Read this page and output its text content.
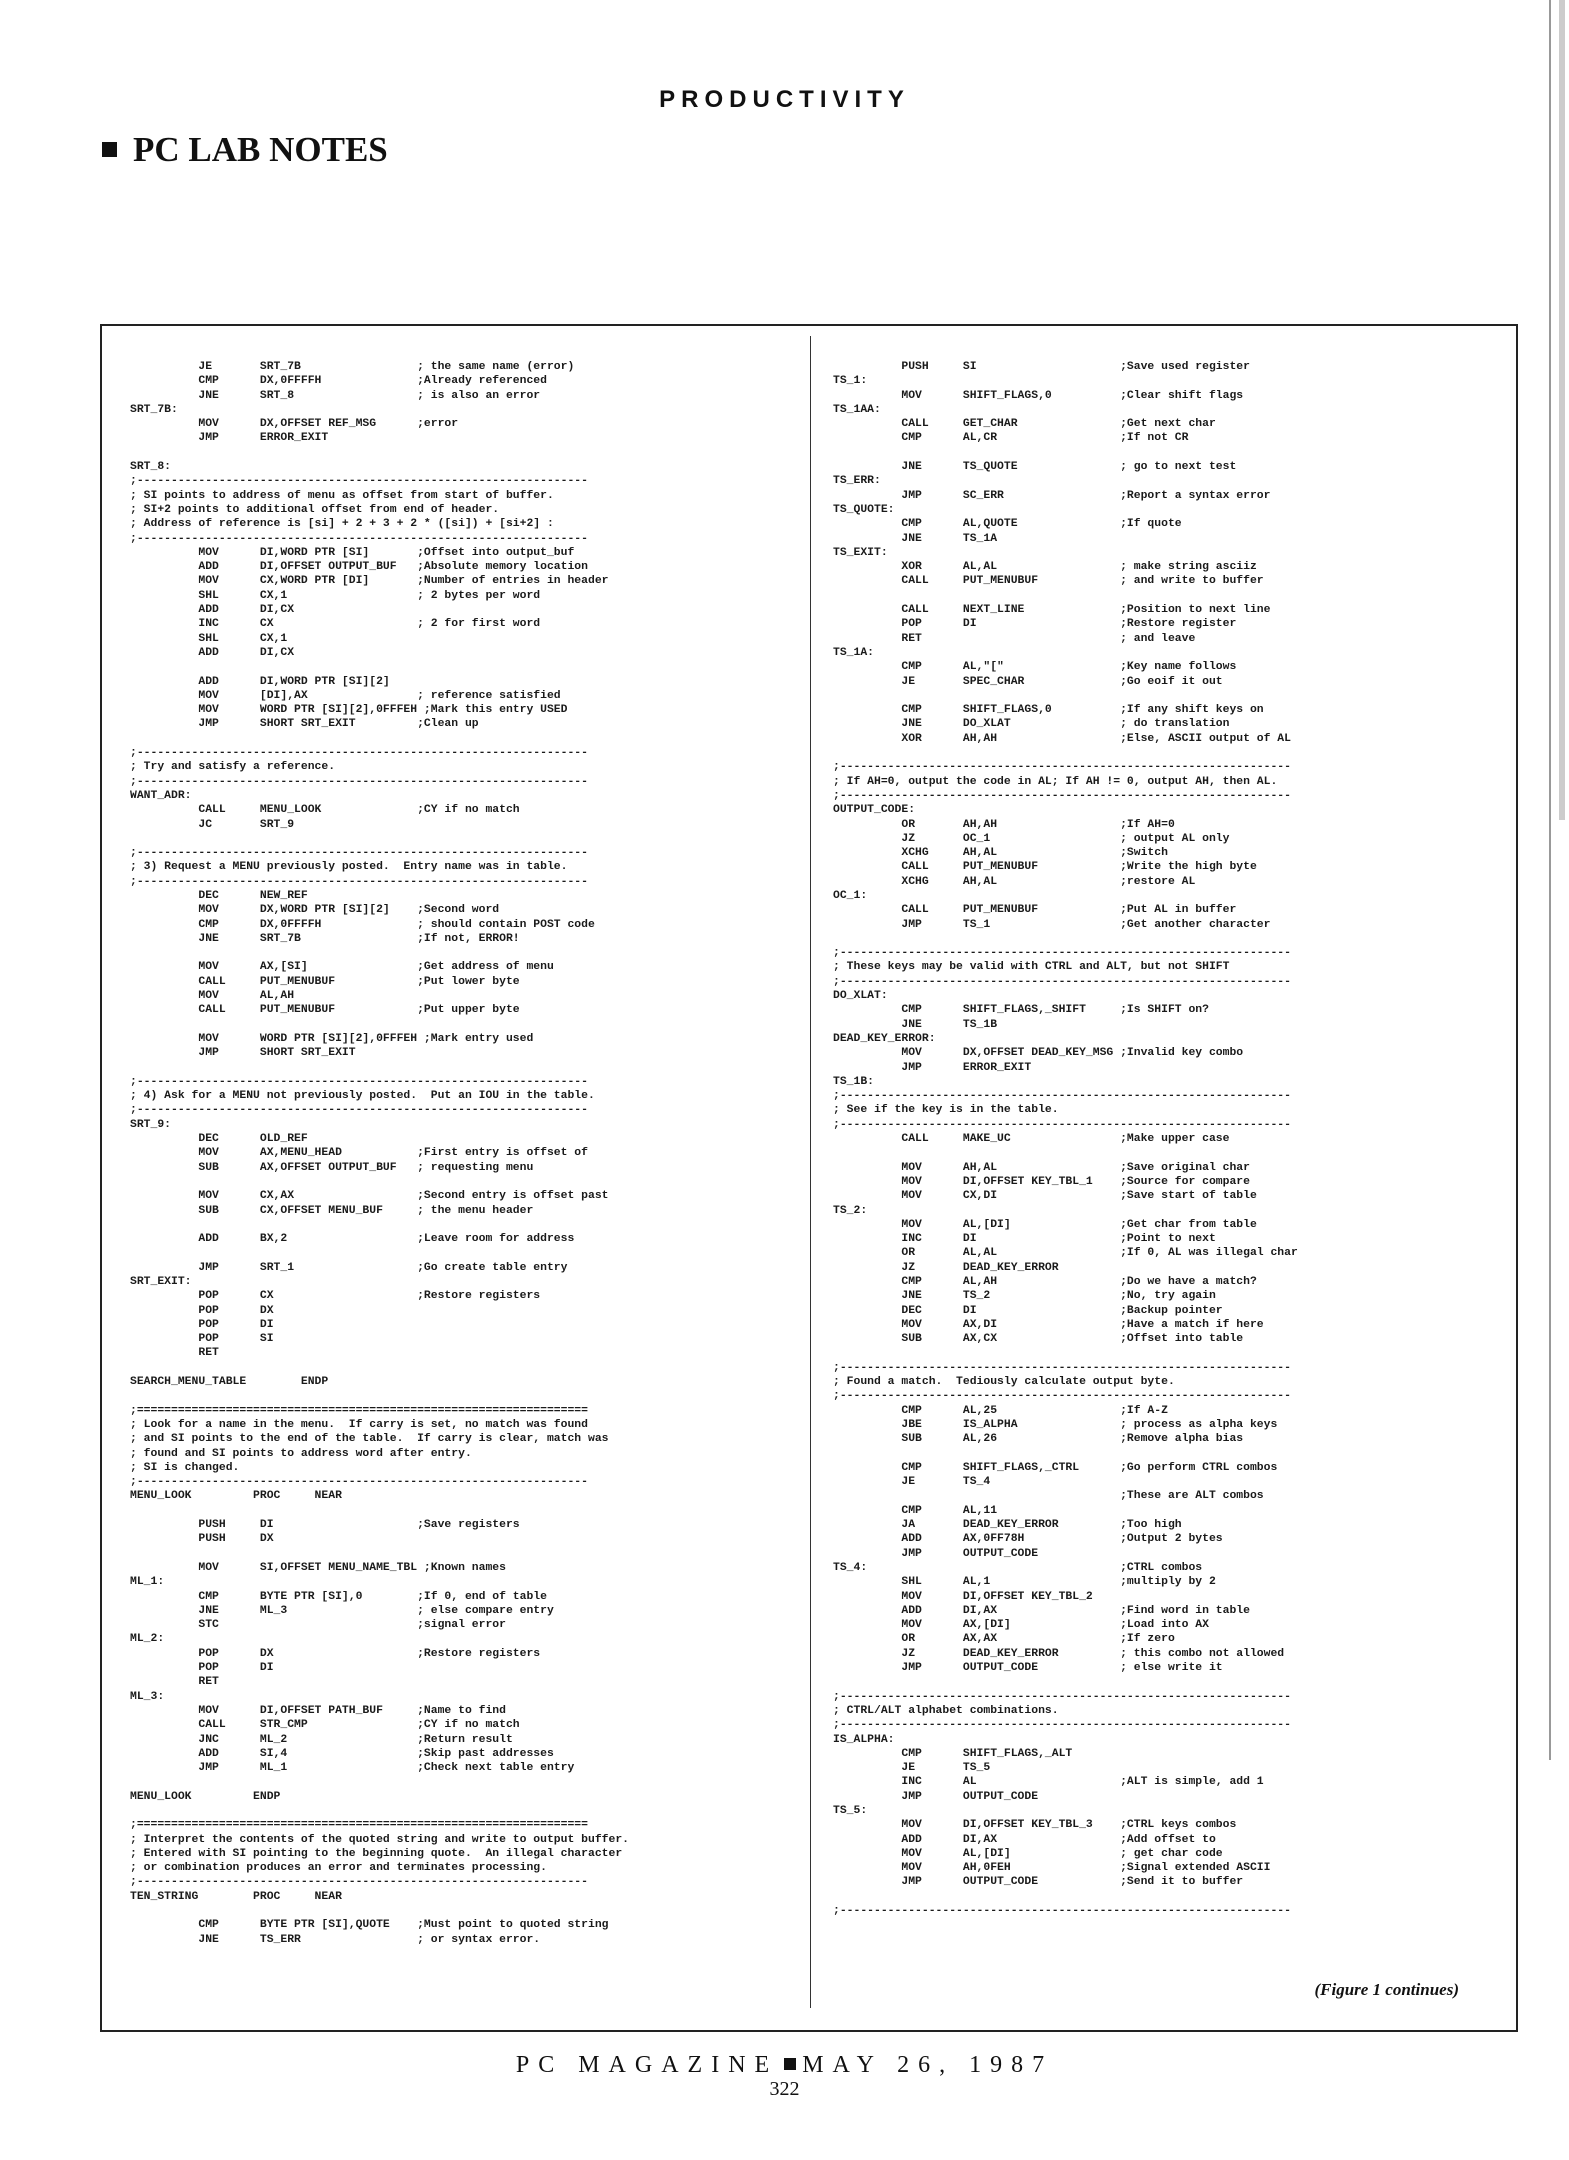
PRODUCTIVITY
PC LAB NOTES
JE       SRT_7B                 ; the same name (error)
CMP      DX,0FFFFH              ;Already referenced
JNE      SRT_8                  ; is also an error
SRT_7B:
MOV      DX,OFFSET REF_MSG      ;error
JMP      ERROR_EXIT
SRT_8:
;------------------------------------------------------------------
; SI points to address of menu as offset from start of buffer.
; SI+2 points to additional offset from end of header.
; Address of reference is [si] + 2 + 3 + 2 * ([si]) + [si+2] :
;------------------------------------------------------------------
MOV      DI,WORD PTR [SI]       ;Offset into output_buf
ADD      DI,OFFSET OUTPUT_BUF   ;Absolute memory location
MOV      CX,WORD PTR [DI]       ;Number of entries in header
SHL      CX,1                   ; 2 bytes per word
ADD      DI,CX
INC      CX                     ; 2 for first word
SHL      CX,1
ADD      DI,CX
ADD      DI,WORD PTR [SI][2]
MOV      [DI],AX                ; reference satisfied
MOV      WORD PTR [SI][2],0FFFEH ;Mark this entry USED
JMP      SHORT SRT_EXIT         ;Clean up
;------------------------------------------------------------------
; Try and satisfy a reference.
;------------------------------------------------------------------
WANT_ADR:
CALL     MENU_LOOK              ;CY if no match
JC       SRT_9
;------------------------------------------------------------------
; 3) Request a MENU previously posted.  Entry name was in table.
;------------------------------------------------------------------
DEC      NEW_REF
MOV      DX,WORD PTR [SI][2]    ;Second word
CMP      DX,0FFFFH              ; should contain POST code
JNE      SRT_7B                 ;If not, ERROR!
MOV      AX,[SI]                ;Get address of menu
CALL     PUT_MENUBUF            ;Put lower byte
MOV      AL,AH
CALL     PUT_MENUBUF            ;Put upper byte
MOV      WORD PTR [SI][2],0FFFEH ;Mark entry used
JMP      SHORT SRT_EXIT
;------------------------------------------------------------------
; 4) Ask for a MENU not previously posted.  Put an IOU in the table.
;------------------------------------------------------------------
SRT_9:
DEC      OLD_REF
MOV      AX,MENU_HEAD           ;First entry is offset of
SUB      AX,OFFSET OUTPUT_BUF   ; requesting menu
MOV      CX,AX                  ;Second entry is offset past
SUB      CX,OFFSET MENU_BUF     ; the menu header
ADD      BX,2                   ;Leave room for address
JMP      SRT_1                  ;Go create table entry
SRT_EXIT:
POP      CX                     ;Restore registers
POP      DX
POP      DI
POP      SI
RET
SEARCH_MENU_TABLE        ENDP
;==================================================================
; Look for a name in the menu.  If carry is set, no match was found
; and SI points to the end of the table.  If carry is clear, match was
; found and SI points to address word after entry.
; SI is changed.
;------------------------------------------------------------------
MENU_LOOK         PROC     NEAR
PUSH     DI                     ;Save registers
PUSH     DX
MOV      SI,OFFSET MENU_NAME_TBL ;Known names
ML_1:
CMP      BYTE PTR [SI],0        ;If 0, end of table
JNE      ML_3                   ; else compare entry
STC                             ;signal error
ML_2:
POP      DX                     ;Restore registers
POP      DI
RET
ML_3:
MOV      DI,OFFSET PATH_BUF     ;Name to find
CALL     STR_CMP                ;CY if no match
JNC      ML_2                   ;Return result
ADD      SI,4                   ;Skip past addresses
JMP      ML_1                   ;Check next table entry
MENU_LOOK         ENDP
;==================================================================
; Interpret the contents of the quoted string and write to output buffer.
; Entered with SI pointing to the beginning quote.  An illegal character
; or combination produces an error and terminates processing.
;------------------------------------------------------------------
TEN_STRING        PROC     NEAR
CMP      BYTE PTR [SI],QUOTE    ;Must point to quoted string
JNE      TS_ERR                 ; or syntax error.
PUSH     SI                     ;Save used register
TS_1:
MOV      SHIFT_FLAGS,0          ;Clear shift flags
TS_1AA:
CALL     GET_CHAR               ;Get next char
CMP      AL,CR                  ;If not CR
JNE      TS_QUOTE               ; go to next test
TS_ERR:
JMP      SC_ERR                 ;Report a syntax error
TS_QUOTE:
CMP      AL,QUOTE               ;If quote
JNE      TS_1A
TS_EXIT:
XOR      AL,AL                  ; make string asciiz
CALL     PUT_MENUBUF            ; and write to buffer
CALL     NEXT_LINE              ;Position to next line
POP      DI                     ;Restore register
RET                             ; and leave
TS_1A:
CMP      AL,"["                 ;Key name follows
JE       SPEC_CHAR              ;Go eoif it out
CMP      SHIFT_FLAGS,0          ;If any shift keys on
JNE      DO_XLAT                ; do translation
XOR      AH,AH                  ;Else, ASCII output of AL
;------------------------------------------------------------------
; If AH=0, output the code in AL; If AH != 0, output AH, then AL.
;------------------------------------------------------------------
OUTPUT_CODE:
OR       AH,AH                  ;If AH=0
JZ       OC_1                   ; output AL only
XCHG     AH,AL                  ;Switch
CALL     PUT_MENUBUF            ;Write the high byte
XCHG     AH,AL                  ;restore AL
OC_1:
CALL     PUT_MENUBUF            ;Put AL in buffer
JMP      TS_1                   ;Get another character
;------------------------------------------------------------------
; These keys may be valid with CTRL and ALT, but not SHIFT
;------------------------------------------------------------------
DO_XLAT:
CMP      SHIFT_FLAGS,_SHIFT     ;Is SHIFT on?
JNE      TS_1B
DEAD_KEY_ERROR:
MOV      DX,OFFSET DEAD_KEY_MSG ;Invalid key combo
JMP      ERROR_EXIT
TS_1B:
;------------------------------------------------------------------
; See if the key is in the table.
;------------------------------------------------------------------
CALL     MAKE_UC                ;Make upper case
MOV      AH,AL                  ;Save original char
MOV      DI,OFFSET KEY_TBL_1    ;Source for compare
MOV      CX,DI                  ;Save start of table
TS_2:
MOV      AL,[DI]                ;Get char from table
INC      DI                     ;Point to next
OR       AL,AL                  ;If 0, AL was illegal char
JZ       DEAD_KEY_ERROR
CMP      AL,AH                  ;Do we have a match?
JNE      TS_2                   ;No, try again
DEC      DI                     ;Backup pointer
MOV      AX,DI                  ;Have a match if here
SUB      AX,CX                  ;Offset into table
;------------------------------------------------------------------
; Found a match.  Tediously calculate output byte.
;------------------------------------------------------------------
CMP      AL,25                  ;If A-Z
JBE      IS_ALPHA               ; process as alpha keys
SUB      AL,26                  ;Remove alpha bias
CMP      SHIFT_FLAGS,_CTRL      ;Go perform CTRL combos
JE       TS_4
;These are ALT combos
CMP      AL,11
JA       DEAD_KEY_ERROR         ;Too high
ADD      AX,0FF78H              ;Output 2 bytes
JMP      OUTPUT_CODE
TS_4:                                     ;CTRL combos
SHL      AL,1                   ;multiply by 2
MOV      DI,OFFSET KEY_TBL_2
ADD      DI,AX                  ;Find word in table
MOV      AX,[DI]                ;Load into AX
OR       AX,AX                  ;If zero
JZ       DEAD_KEY_ERROR         ; this combo not allowed
JMP      OUTPUT_CODE            ; else write it
;------------------------------------------------------------------
; CTRL/ALT alphabet combinations.
;------------------------------------------------------------------
IS_ALPHA:
CMP      SHIFT_FLAGS,_ALT
JE       TS_5
INC      AL                     ;ALT is simple, add 1
JMP      OUTPUT_CODE
TS_5:
MOV      DI,OFFSET KEY_TBL_3    ;CTRL keys combos
ADD      DI,AX                  ;Add offset to
MOV      AL,[DI]                ; get char code
MOV      AH,0FEH                ;Signal extended ASCII
JMP      OUTPUT_CODE            ;Send it to buffer
;------------------------------------------------------------------
(Figure 1 continues)
PC MAGAZINE MAY 26, 1987
322
